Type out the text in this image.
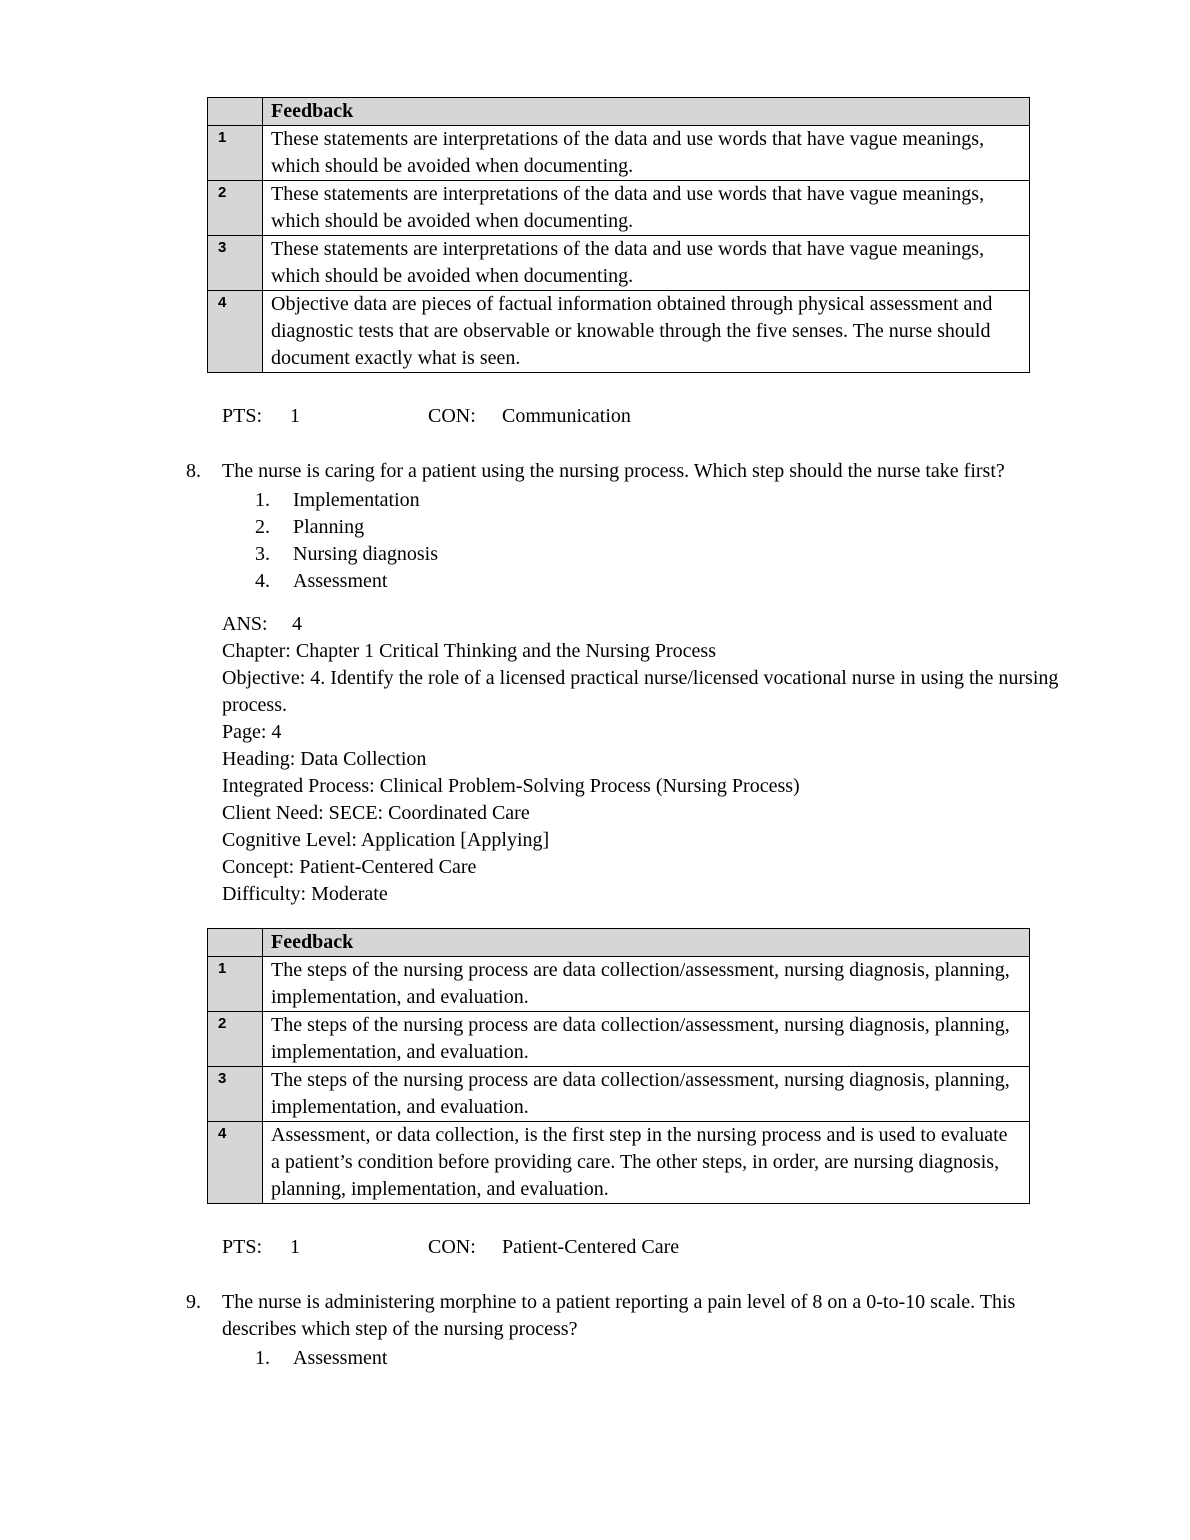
	Feedback
1	These statements are interpretations of the data and use words that have vague meanings, which should be avoided when documenting.
2	These statements are interpretations of the data and use words that have vague meanings, which should be avoided when documenting.
3	These statements are interpretations of the data and use words that have vague meanings, which should be avoided when documenting.
4	Objective data are pieces of factual information obtained through physical assessment and diagnostic tests that are observable or knowable through the five senses. The nurse should document exactly what is seen.
PTS: 1	CON: Communication
8.	The nurse is caring for a patient using the nursing process. Which step should the nurse take first?
1.	Implementation
2.	Planning
3.	Nursing diagnosis
4.	Assessment
ANS: 4
Chapter: Chapter 1 Critical Thinking and the Nursing Process
Objective: 4. Identify the role of a licensed practical nurse/licensed vocational nurse in using the nursing process.
Page: 4
Heading: Data Collection
Integrated Process: Clinical Problem-Solving Process (Nursing Process)
Client Need: SECE: Coordinated Care
Cognitive Level: Application [Applying]
Concept: Patient-Centered Care
Difficulty: Moderate
	Feedback
1	The steps of the nursing process are data collection/assessment, nursing diagnosis, planning, implementation, and evaluation.
2	The steps of the nursing process are data collection/assessment, nursing diagnosis, planning, implementation, and evaluation.
3	The steps of the nursing process are data collection/assessment, nursing diagnosis, planning, implementation, and evaluation.
4	Assessment, or data collection, is the first step in the nursing process and is used to evaluate a patient’s condition before providing care. The other steps, in order, are nursing diagnosis, planning, implementation, and evaluation.
PTS: 1	CON: Patient-Centered Care
9.	The nurse is administering morphine to a patient reporting a pain level of 8 on a 0-to-10 scale. This describes which step of the nursing process?
1.	Assessment
